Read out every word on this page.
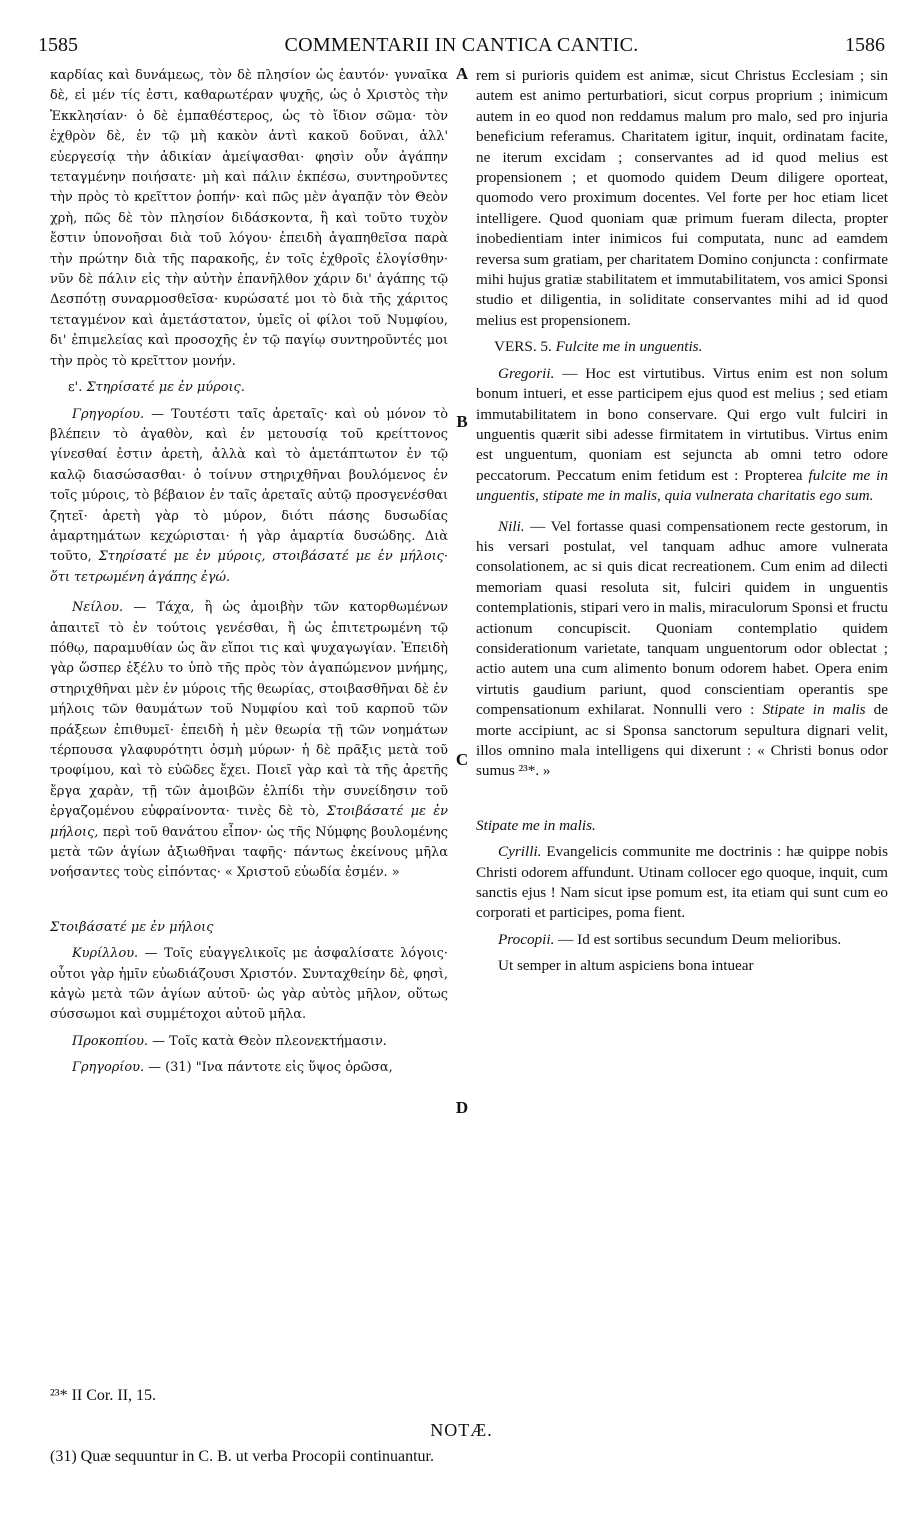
1585	COMMENTARII IN CANTICA CANTIC.	1586

καρδίας καὶ δυνάμεως, τὸν δὲ πλησίον ὡς ἑαυτόν· γυναῖκα δὲ, εἰ μέν τίς ἐστι, καθαρωτέραν ψυχῆς, ὡς ὁ Χριστὸς τὴν Ἐκκλησίαν· ὁ δὲ ἐμπαθέστερος, ὡς τὸ ἴδιον σῶμα· τὸν ἐχθρὸν δὲ, ἐν τῷ μὴ κακὸν ἀντὶ κακοῦ δοῦναι, ἀλλ' εὐεργεσίᾳ τὴν ἀδικίαν ἀμείψασθαι· φησὶν οὖν ἀγάπην τεταγμένην ποιήσατε· μὴ καὶ πάλιν ἐκπέσω, συντηροῦντες τὴν πρὸς τὸ κρεῖττον ῥοπήν· καὶ πῶς μὲν ἀγαπᾷν τὸν Θεὸν χρὴ, πῶς δὲ τὸν πλησίον διδάσκοντα, ἢ καὶ τοῦτο τυχὸν ἔστιν ὑπονοῆσαι διὰ τοῦ λόγου· ἐπειδὴ ἀγαπηθεῖσα παρὰ τὴν πρώτην διὰ τῆς παρακοῆς, ἐν τοῖς ἐχθροῖς ἐλογίσθην· νῦν δὲ πάλιν εἰς τὴν αὐτὴν ἐπανῆλθον χάριν δι' ἀγάπης τῷ Δεσπότῃ συναρμοσθεῖσα· κυρώσατέ μοι τὸ διὰ τῆς χάριτος τεταγμένον καὶ ἀμετάστατον, ὑμεῖς οἱ φίλοι τοῦ Νυμφίου, δι' ἐπιμελείας καὶ προσοχῆς ἐν τῷ παγίῳ συντηροῦντές μοι τὴν πρὸς τὸ κρεῖττον μονήν.

ε'. Στηρίσατέ με ἐν μύροις.

Γρηγορίου. — Τουτέστι ταῖς ἀρεταῖς· καὶ οὐ μόνον τὸ βλέπειν τὸ ἀγαθὸν, καὶ ἐν μετουσίᾳ τοῦ κρείττονος γίνεσθαί ἐστιν ἀρετὴ, ἀλλὰ καὶ τὸ ἀμετάπτωτον ἐν τῷ καλῷ διασώσασθαι· ὁ τοίνυν στηριχθῆναι βουλόμενος ἐν τοῖς μύροις, τὸ βέβαιον ἐν ταῖς ἀρεταῖς αὐτῷ προσγενέσθαι ζητεῖ· ἀρετὴ γὰρ τὸ μύρον, διότι πάσης δυσωδίας ἁμαρτημάτων κεχώρισται· ἡ γὰρ ἁμαρτία δυσώδης. Διὰ τοῦτο, Στηρίσατέ με ἐν μύροις, στοιβάσατέ με ἐν μήλοις· ὅτι τετρωμένη ἀγάπης ἐγώ.

Νείλου. — Τάχα, ἢ ὡς ἀμοιβὴν τῶν κατορθωμένων ἀπαιτεῖ τὸ ἐν τούτοις γενέσθαι, ἢ ὡς ἐπιτετρωμένη τῷ πόθῳ, παραμυθίαν ὡς ἂν εἴποι τις καὶ ψυχαγωγίαν. Ἐπειδὴ γὰρ ὥσπερ ἐξέλυ το ὑπὸ τῆς πρὸς τὸν ἀγαπώμενον μνήμης, στηριχθῆναι μὲν ἐν μύροις τῆς θεωρίας, στοιβασθῆναι δὲ ἐν μήλοις τῶν θαυμάτων τοῦ Νυμφίου καὶ τοῦ καρποῦ τῶν πράξεων ἐπιθυμεῖ· ἐπειδὴ ἡ μὲν θεωρία τῇ τῶν νοημάτων τέρπουσα γλαφυρότητι ὀσμὴ μύρων· ἡ δὲ πρᾶξις μετὰ τοῦ τροφίμου, καὶ τὸ εὐῶδες ἔχει. Ποιεῖ γὰρ καὶ τὰ τῆς ἀρετῆς ἔργα χαρὰν, τῇ τῶν ἀμοιβῶν ἐλπίδι τὴν συνείδησιν τοῦ ἐργαζομένου εὐφραίνοντα· τινὲς δὲ τὸ, Στοιβάσατέ με ἐν μήλοις, περὶ τοῦ θανάτου εἶπον· ὡς τῆς Νύμφης βουλομένης μετὰ τῶν ἁγίων ἀξιωθῆναι ταφῆς· πάντως ἐκείνους μῆλα νοήσαντες τοὺς εἰπόντας· « Χριστοῦ εὐωδία ἐσμέν. »

Στοιβάσατέ με ἐν μήλοις

Κυρίλλου. — Τοῖς εὐαγγελικοῖς με ἀσφαλίσατε λόγοις· οὗτοι γὰρ ἡμῖν εὐωδιάζουσι Χριστόν. Συνταχθείην δὲ, φησὶ, κἀγὼ μετὰ τῶν ἁγίων αὐτοῦ· ὡς γὰρ αὐτὸς μῆλον, οὕτως σύσσωμοι καὶ συμμέτοχοι αὐτοῦ μῆλα.

Προκοπίου. — Τοῖς κατὰ Θεὸν πλεονεκτήμασιν.

Γρηγορίου. — (31) "Ινα πάντοτε εἰς ὕψος ὁρῶσα,

A
B
C
D

rem si purioris quidem est animæ, sicut Christus Ecclesiam ; sin autem est animo perturbatiori, sicut corpus proprium ; inimicum autem in eo quod non reddamus malum pro malo, sed pro injuria beneficium referamus. Charitatem igitur, inquit, ordinatam facite, ne iterum excidam ; conservantes ad id quod melius est propensionem ; et quomodo quidem Deum diligere oporteat, quomodo vero proximum docentes. Vel forte per hoc etiam licet intelligere. Quod quoniam quæ primum fueram dilecta, propter inobedientiam inter inimicos fui computata, nunc ad eamdem reversa sum gratiam, per charitatem Domino conjuncta : confirmate mihi hujus gratiæ stabilitatem et immutabilitatem, vos amici Sponsi studio et diligentia, in soliditate conservantes mihi ad id quod melius est propensionem.

VERS. 5. Fulcite me in unguentis.

Gregorii. — Hoc est virtutibus. Virtus enim est non solum bonum intueri, et esse participem ejus quod est melius ; sed etiam immutabilitatem in bono conservare. Qui ergo vult fulciri in unguentis quærit sibi adesse firmitatem in virtutibus. Virtus enim est unguentum, quoniam est sejuncta ab omni tetro odore peccatorum. Peccatum enim fetidum est : Propterea fulcite me in unguentis, stipate me in malis, quia vulnerata charitatis ego sum.

Nili. — Vel fortasse quasi compensationem recte gestorum, in his versari postulat, vel tanquam adhuc amore vulnerata consolationem, ac si quis dicat recreationem. Cum enim ad dilecti memoriam quasi resoluta sit, fulciri quidem in unguentis contemplationis, stipari vero in malis, miraculorum Sponsi et fructu actionum concupiscit. Quoniam contemplatio quidem considerationum varietate, tanquam unguentorum odor oblectat ; actio autem una cum alimento bonum odorem habet. Opera enim virtutis gaudium pariunt, quod conscientiam operantis spe compensationum exhilarat. Nonnulli vero : Stipate in malis de morte accipiunt, ac si Sponsa sanctorum sepultura dignari velit, illos omnino mala intelligens qui dixerunt : « Christi bonus odor sumus ²³*. »

Stipate me in malis.

Cyrilli. Evangelicis communite me doctrinis : hæ quippe nobis Christi odorem affundunt. Utinam collocer ego quoque, inquit, cum sanctis ejus ! Nam sicut ipse pomum est, ita etiam qui sunt cum eo corporati et participes, poma fient.

Procopii. — Id est sortibus secundum Deum melioribus.

Ut semper in altum aspiciens bona intuear

²³* II Cor. II, 15.
NOTÆ.
(31) Quæ sequuntur in C. B. ut verba Procopii continuantur.
